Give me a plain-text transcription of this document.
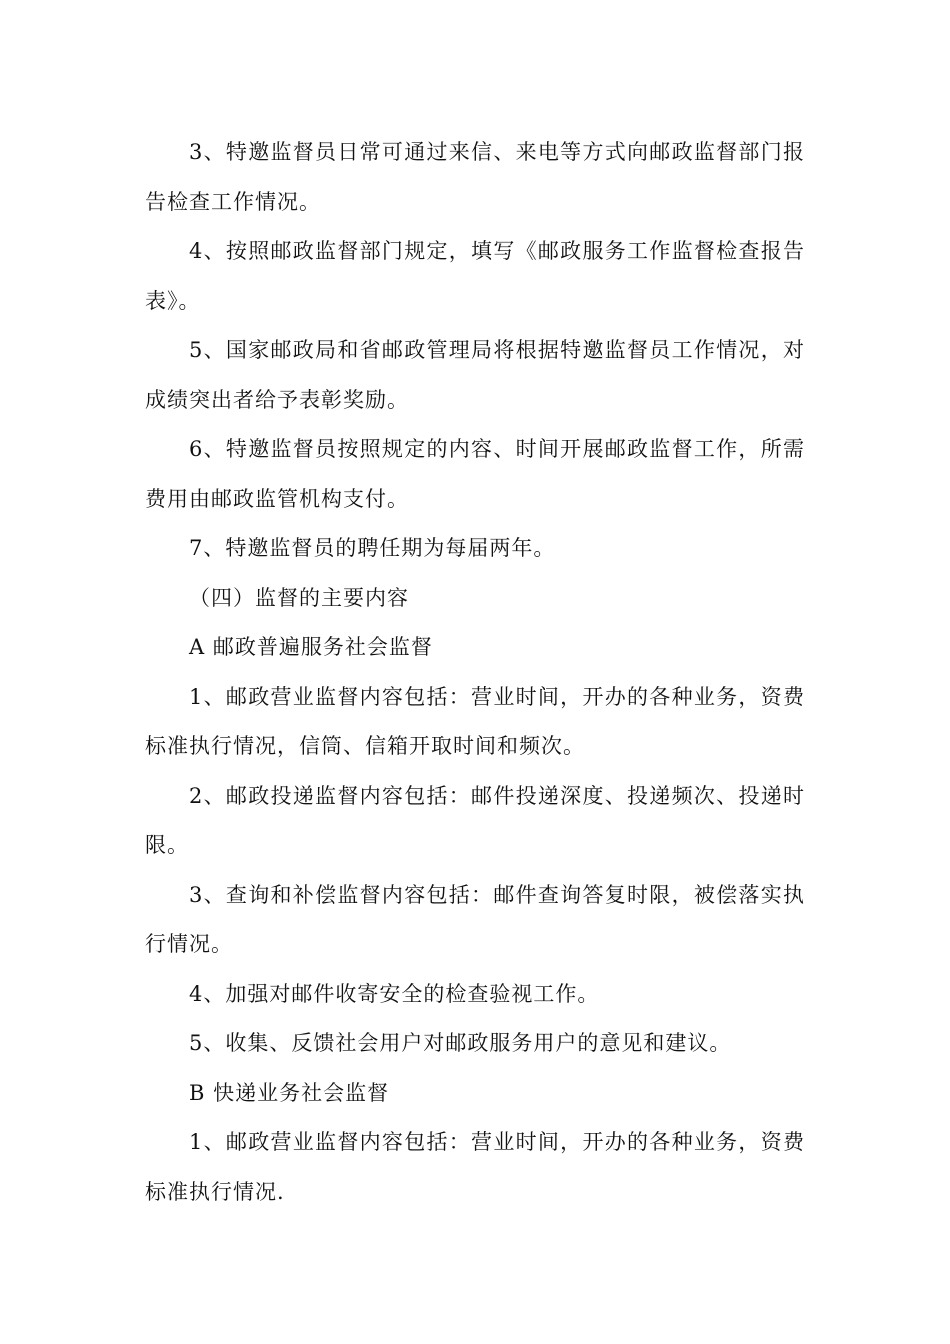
3、特邀监督员日常可通过来信、来电等方式向邮政监督部门报告检查工作情况。

4、按照邮政监督部门规定，填写《邮政服务工作监督检查报告表》。

5、国家邮政局和省邮政管理局将根据特邀监督员工作情况，对成绩突出者给予表彰奖励。

6、特邀监督员按照规定的内容、时间开展邮政监督工作，所需费用由邮政监管机构支付。

7、特邀监督员的聘任期为每届两年。

（四）监督的主要内容

A 邮政普遍服务社会监督

1、邮政营业监督内容包括：营业时间，开办的各种业务，资费标准执行情况，信筒、信箱开取时间和频次。

2、邮政投递监督内容包括：邮件投递深度、投递频次、投递时限。

3、查询和补偿监督内容包括：邮件查询答复时限，被偿落实执行情况。

4、加强对邮件收寄安全的检查验视工作。

5、收集、反馈社会用户对邮政服务用户的意见和建议。

B 快递业务社会监督

1、邮政营业监督内容包括：营业时间，开办的各种业务，资费标准执行情况.
